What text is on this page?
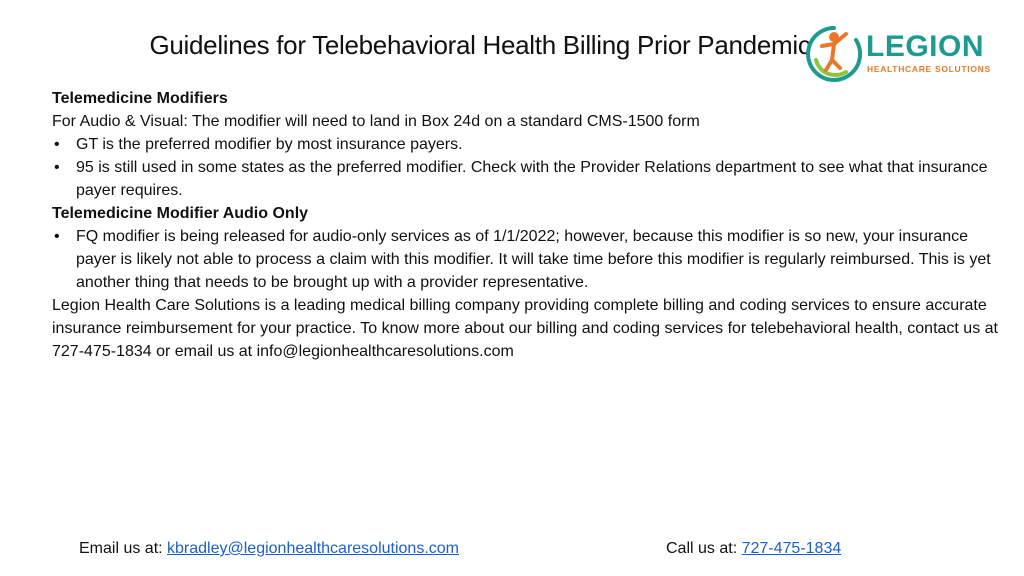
Guidelines for Telebehavioral Health Billing Prior Pandemic	LEGION
HEALTHCARE SOLUTIONS

Telemedicine Modifiers

For Audio & Visual: The modifier will need to land in Box 24d on a standard CMS-1500 form

• GT is the preferred modifier by most insurance payers.

• 95 is still used in some states as the preferred modifier. Check with the Provider Relations department to see what that insurance payer requires.

Telemedicine Modifier Audio Only

• FQ modifier is being released for audio-only services as of 1/1/2022; however, because this modifier is so new, your insurance payer is likely not able to process a claim with this modifier. It will take time before this modifier is regularly reimbursed. This is yet another thing that needs to be brought up with a provider representative.

Legion Health Care Solutions is a leading medical billing company providing complete billing and coding services to ensure accurate insurance reimbursement for your practice. To know more about our billing and coding services for telebehavioral health, contact us at 727-475-1834 or email us at info@legionhealthcaresolutions.com

Email us at: kbradley@legionhealthcaresolutions.com	Call us at: 727-475-1834
